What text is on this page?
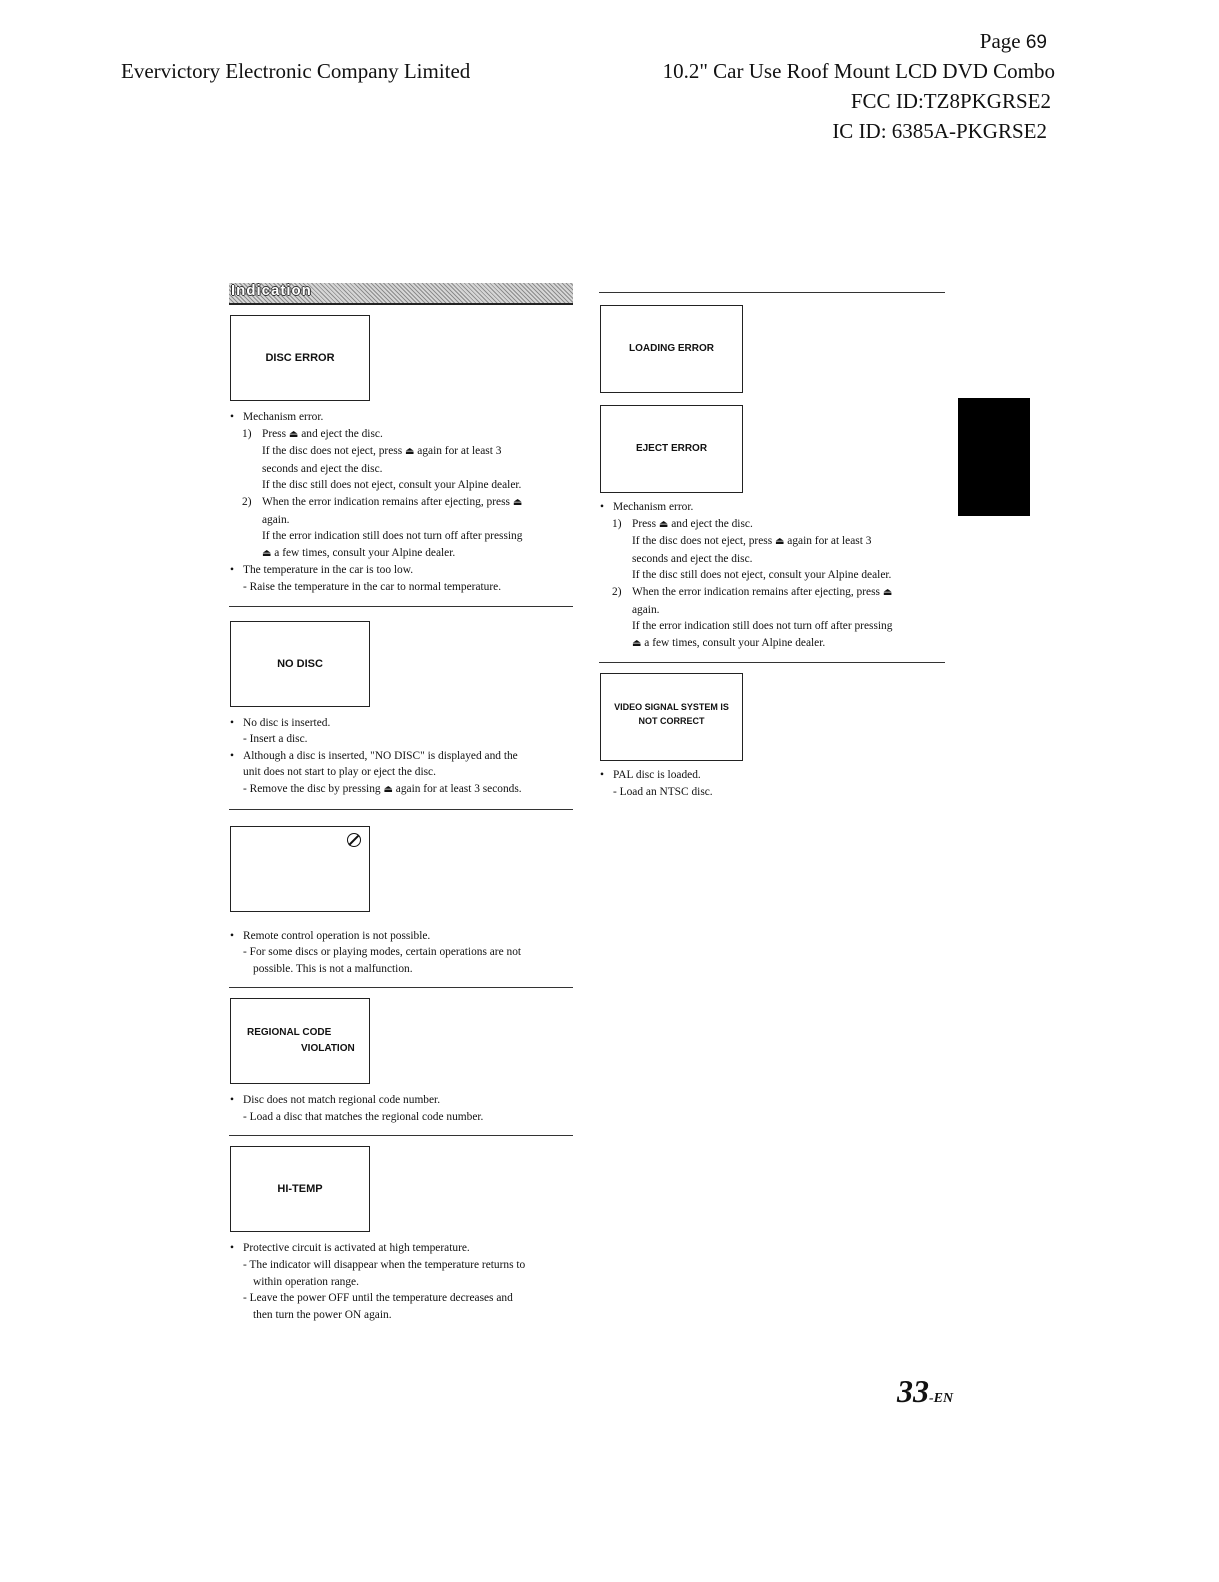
Evervictory Electronic Company Limited
Page 69
10.2" Car Use Roof Mount LCD DVD Combo
FCC ID:TZ8PKGRSE2
IC ID: 6385A-PKGRSE2
Indication
DISC ERROR
• Mechanism error.
1) Press ⏏ and eject the disc.
If the disc does not eject, press ⏏ again for at least 3
seconds and eject the disc.
If the disc still does not eject, consult your Alpine dealer.
2) When the error indication remains after ejecting, press ⏏
again.
If the error indication still does not turn off after pressing
⏏ a few times, consult your Alpine dealer.
• The temperature in the car is too low.
- Raise the temperature in the car to normal temperature.
NO DISC
• No disc is inserted.
- Insert a disc.
• Although a disc is inserted, "NO DISC" is displayed and the
unit does not start to play or eject the disc.
- Remove the disc by pressing ⏏ again for at least 3 seconds.
• Remote control operation is not possible.
- For some discs or playing modes, certain operations are not
possible. This is not a malfunction.
REGIONAL CODE
VIOLATION
• Disc does not match regional code number.
- Load a disc that matches the regional code number.
HI-TEMP
• Protective circuit is activated at high temperature.
- The indicator will disappear when the temperature returns to
within operation range.
- Leave the power OFF until the temperature decreases and
then turn the power ON again.
LOADING ERROR
EJECT ERROR
• Mechanism error.
1) Press ⏏ and eject the disc.
If the disc does not eject, press ⏏ again for at least 3
seconds and eject the disc.
If the disc still does not eject, consult your Alpine dealer.
2) When the error indication remains after ejecting, press ⏏
again.
If the error indication still does not turn off after pressing
⏏ a few times, consult your Alpine dealer.
VIDEO SIGNAL SYSTEM IS
NOT CORRECT
• PAL disc is loaded.
- Load an NTSC disc.
33-EN
